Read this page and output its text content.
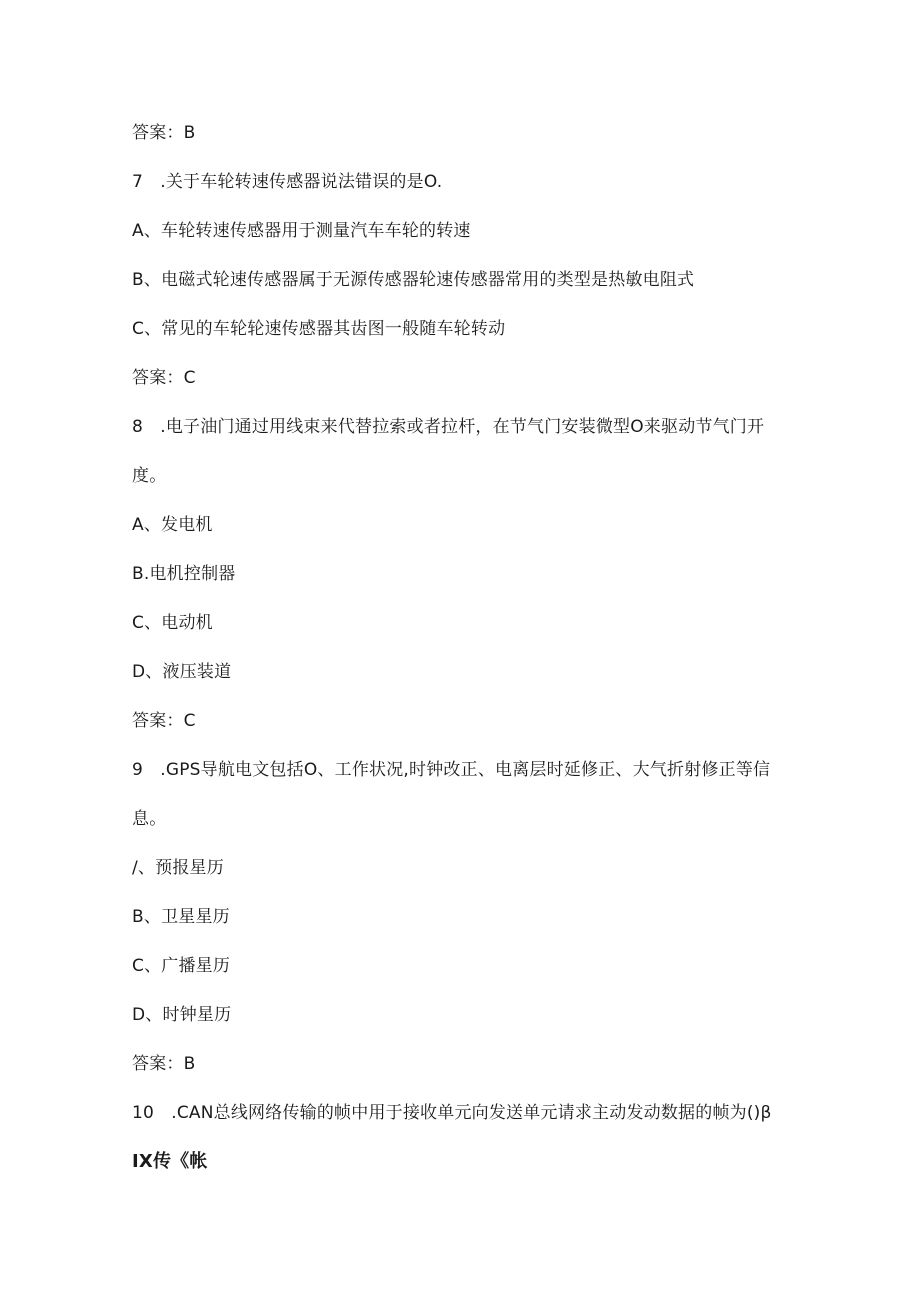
答案：B
7　.关于车轮转速传感器说法错误的是O.
A、车轮转速传感器用于测量汽车车轮的转速
B、电磁式轮速传感器属于无源传感器轮速传感器常用的类型是热敏电阻式
C、常见的车轮轮速传感器其齿图一般随车轮转动
答案：C
8　.电子油门通过用线束来代替拉索或者拉杆，在节气门安装微型O来驱动节气门开
度。
A、发电机
B.电机控制器
C、电动机
D、液压装道
答案：C
9　.GPS导航电文包括O、工作状况,时钟改正、电离层时延修正、大气折射修正等信
息。
/、预报星历
B、卫星星历
C、广播星历
D、时钟星历
答案：B
10　.CAN总线网络传输的帧中用于接收单元向发送单元请求主动发动数据的帧为()β
IX传《帐
